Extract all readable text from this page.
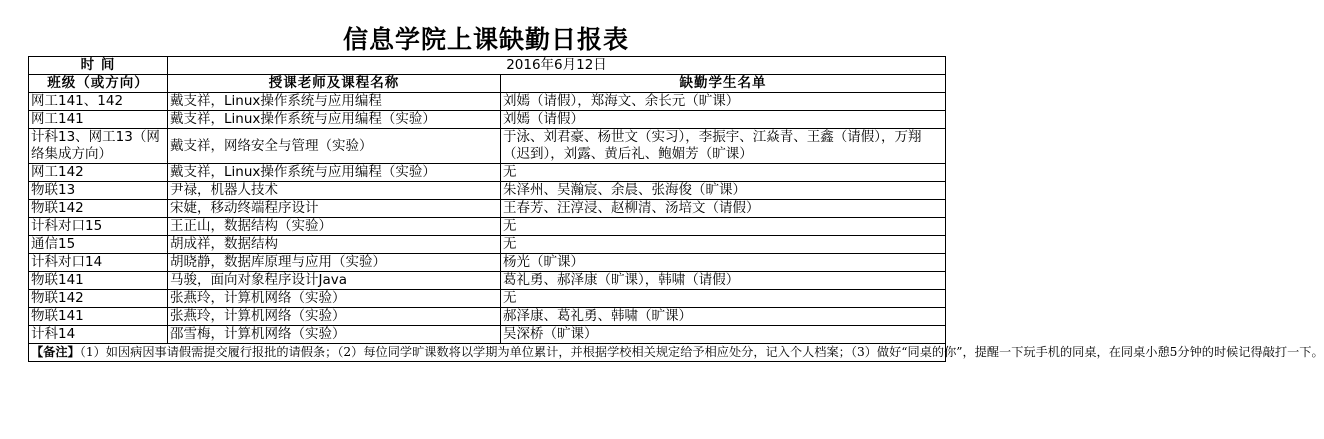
信息学院上课缺勤日报表
时 间	2016年6月12日	
班级（或方向）	授课老师及课程名称	缺勤学生名单
网工141、142	戴支祥，Linux操作系统与应用编程	刘嫣（请假），郑海文、余长元（旷课）
网工141	戴支祥，Linux操作系统与应用编程（实验）	刘嫣（请假）
计科13、网工13（网络集成方向）	戴支祥，网络安全与管理（实验）	于泳、刘君豪、杨世文（实习），李振宇、江焱青、王鑫（请假），万翔（迟到），刘露、黄后礼、鲍媚芳（旷课）
网工142	戴支祥，Linux操作系统与应用编程（实验）	无
物联13	尹禄，机器人技术	朱泽州、吴瀚宸、余晨、张海俊（旷课）
物联142	宋婕，移动终端程序设计	王春芳、汪淳浸、赵柳清、汤培文（请假）
计科对口15	王正山，数据结构（实验）	无
通信15	胡成祥，数据结构	无
计科对口14	胡晓静，数据库原理与应用（实验）	杨光（旷课）
物联141	马骏，面向对象程序设计Java	葛礼勇、郝泽康（旷课），韩啸（请假）
物联142	张燕玲，计算机网络（实验）	无
物联141	张燕玲，计算机网络（实验）	郝泽康、葛礼勇、韩啸（旷课）
计科14	邵雪梅，计算机网络（实验）	吴深桥（旷课）
【备注】（1）如因病因事请假需提交履行报批的请假条；（2）每位同学旷课数将以学期为单位累计，并根据学校相关规定给予相应处分，记入个人档案；（3）做好“同桌的你”，提醒一下玩手机的同桌，在同桌小憩5分钟的时候记得敲打一下。		
